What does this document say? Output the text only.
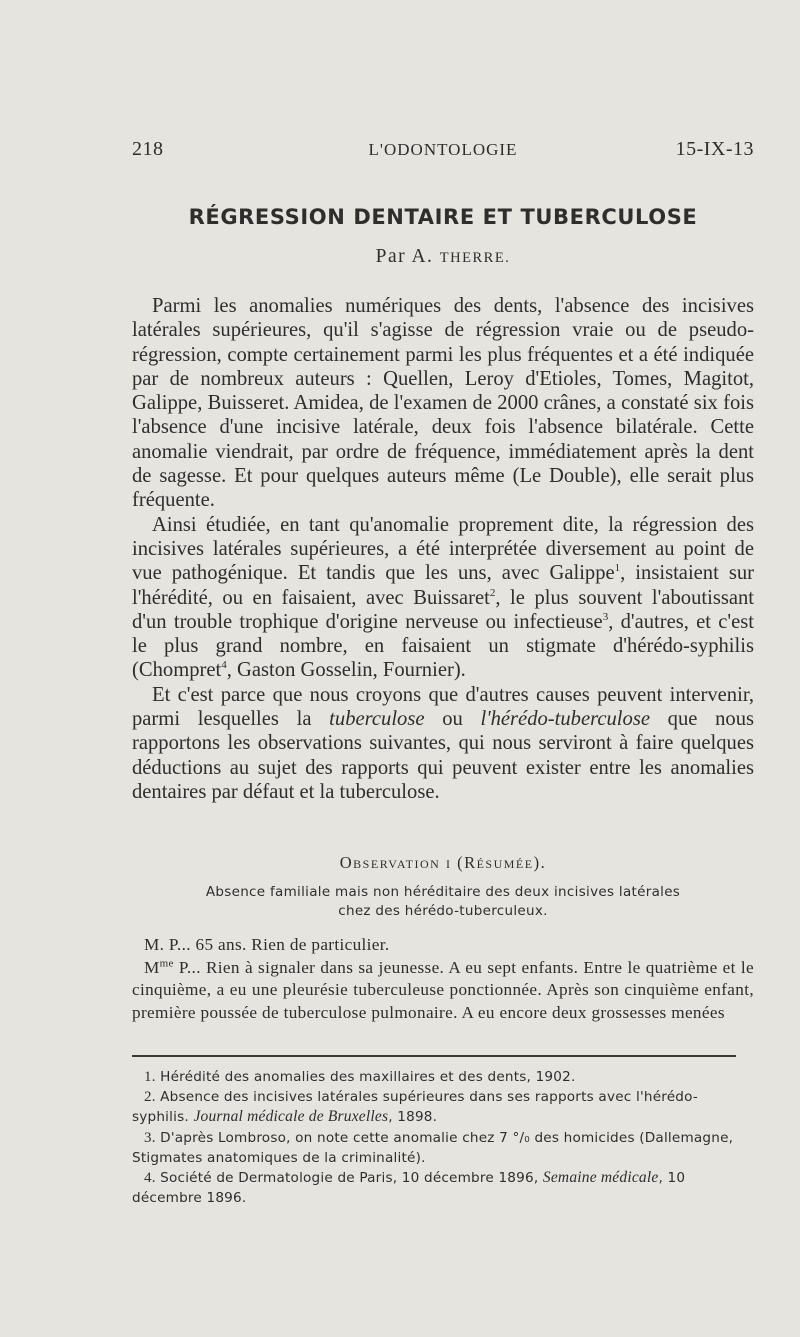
218	L'ODONTOLOGIE	15-IX-13
RÉGRESSION DENTAIRE ET TUBERCULOSE
Par A. THERRE.

Parmi les anomalies numériques des dents, l'absence des incisives latérales supérieures, qu'il s'agisse de régression vraie ou de pseudo-régression, compte certainement parmi les plus fréquentes et a été indiquée par de nombreux auteurs : Quellen, Leroy d'Etioles, Tomes, Magitot, Galippe, Buisseret. Amidea, de l'examen de 2000 crânes, a constaté six fois l'absence d'une incisive latérale, deux fois l'absence bilatérale. Cette anomalie viendrait, par ordre de fréquence, immédiatement après la dent de sagesse. Et pour quelques auteurs même (Le Double), elle serait plus fréquente.

Ainsi étudiée, en tant qu'anomalie proprement dite, la régression des incisives latérales supérieures, a été interprétée diversement au point de vue pathogénique. Et tandis que les uns, avec Galippe$^1$, insistaient sur l'hérédité, ou en faisaient, avec Buissaret$^2$, le plus souvent l'aboutissant d'un trouble trophique d'origine nerveuse ou infectieuse$^3$, d'autres, et c'est le plus grand nombre, en faisaient un stigmate d'hérédo-syphilis (Chompret$^4$, Gaston Gosselin, Fournier).

Et c'est parce que nous croyons que d'autres causes peuvent intervenir, parmi lesquelles la tuberculose ou l'hérédo-tuberculose que nous rapportons les observations suivantes, qui nous serviront à faire quelques déductions au sujet des rapports qui peuvent exister entre les anomalies dentaires par défaut et la tuberculose.

Observation i (Résumée).
Absence familiale mais non héréditaire des deux incisives latérales
chez des hérédo-tuberculeux.

M. P... 65 ans. Rien de particulier.

$M^{me}$ P... Rien à signaler dans sa jeunesse. A eu sept enfants. Entre le quatrième et le cinquième, a eu une pleurésie tuberculeuse ponctionnée. Après son cinquième enfant, première poussée de tuberculose pulmonaire. A eu encore deux grossesses menées

1. Hérédité des anomalies des maxillaires et des dents, 1902.

2. Absence des incisives latérales supérieures dans ses rapports avec l'hérédo-syphilis. Journal médicale de Bruxelles, 1898.

3. D'après Lombroso, on note cette anomalie chez 7 °/₀ des homicides (Dallemagne, Stigmates anatomiques de la criminalité).

4. Société de Dermatologie de Paris, 10 décembre 1896, Semaine médicale, 10 décembre 1896.
